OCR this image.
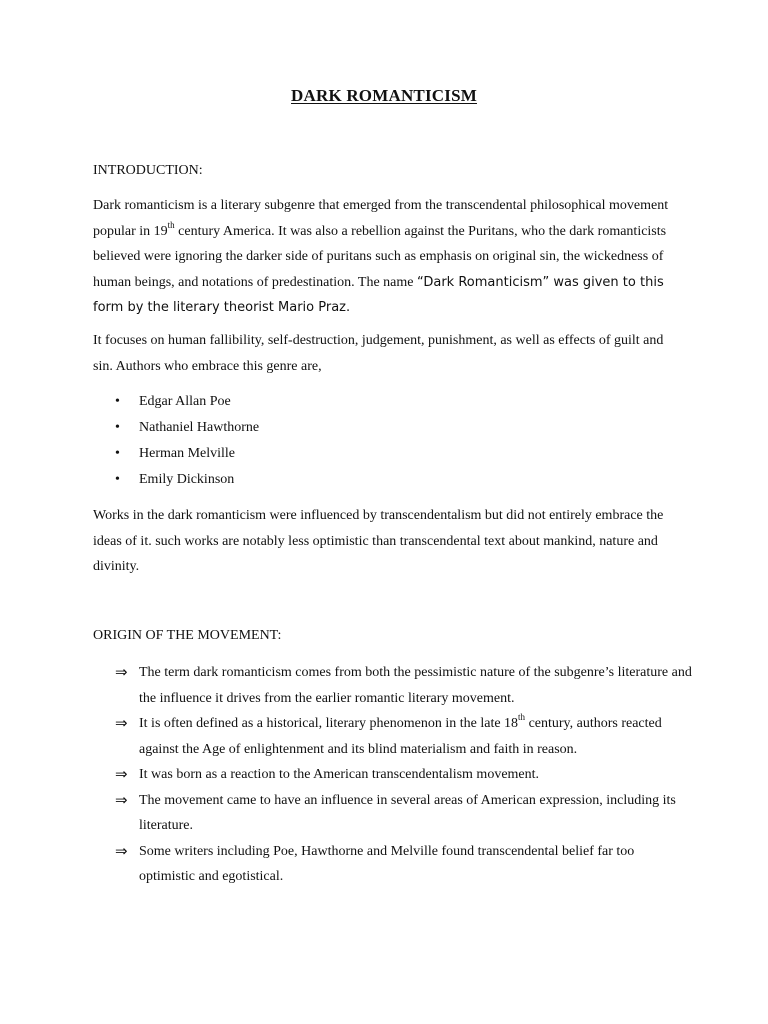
DARK ROMANTICISM
INTRODUCTION:
Dark romanticism is a literary subgenre that emerged from the transcendental philosophical movement popular in 19th century America. It was also a rebellion against the Puritans, who the dark romanticists believed were ignoring the darker side of puritans such as emphasis on original sin, the wickedness of human beings, and notations of predestination. The name “Dark Romanticism” was given to this form by the literary theorist Mario Praz.
It focuses on human fallibility, self-destruction, judgement, punishment, as well as effects of guilt and sin. Authors who embrace this genre are,
• Edgar Allan Poe
• Nathaniel Hawthorne
• Herman Melville
• Emily Dickinson
Works in the dark romanticism were influenced by transcendentalism but did not entirely embrace the ideas of it. such works are notably less optimistic than transcendental text about mankind, nature and divinity.
ORIGIN OF THE MOVEMENT:
⇒ The term dark romanticism comes from both the pessimistic nature of the subgenre’s literature and the influence it drives from the earlier romantic literary movement.
⇒ It is often defined as a historical, literary phenomenon in the late 18th century, authors reacted against the Age of enlightenment and its blind materialism and faith in reason.
⇒ It was born as a reaction to the American transcendentalism movement.
⇒ The movement came to have an influence in several areas of American expression, including its literature.
⇒ Some writers including Poe, Hawthorne and Melville found transcendental belief far too optimistic and egotistical.
